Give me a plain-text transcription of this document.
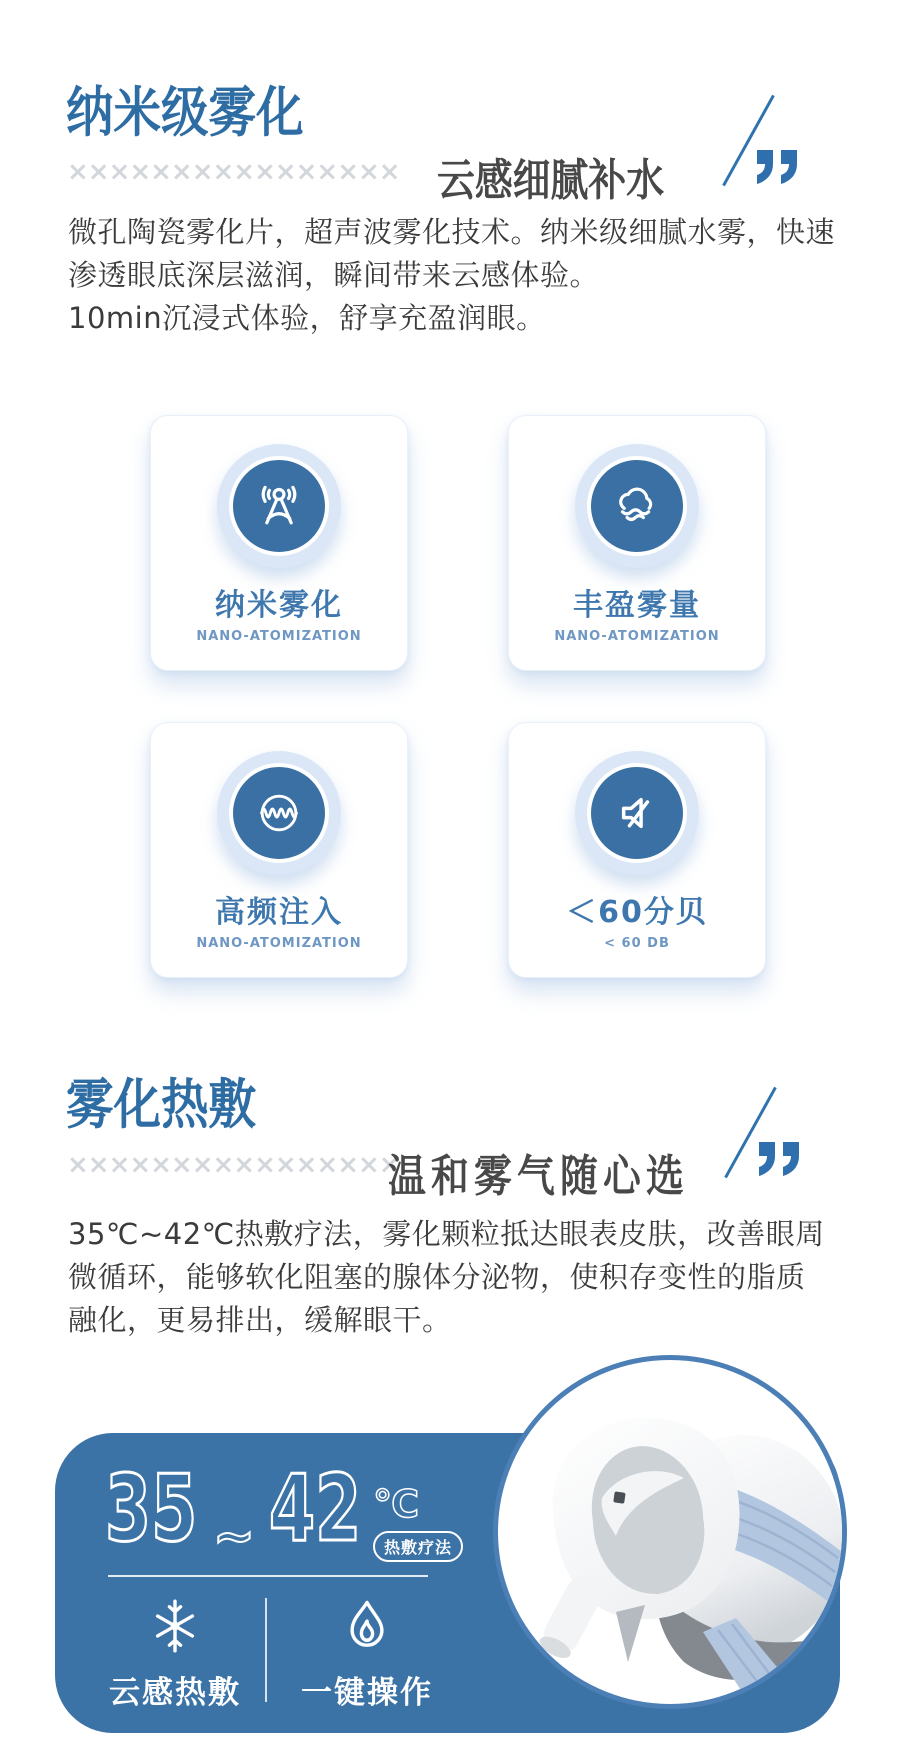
纳米级雾化
×××××××××××××××× 云感细腻补水
微孔陶瓷雾化片，超声波雾化技术。纳米级细腻水雾，快速
渗透眼底深层滋润，瞬间带来云感体验。
10min沉浸式体验，舒享充盈润眼。
纳米雾化
NANO-ATOMIZATION
丰盈雾量
NANO-ATOMIZATION
高频注入
NANO-ATOMIZATION
＜60分贝
< 60 DB
雾化热敷
××××××××××××××××
温和雾气随心选
35℃~42℃热敷疗法，雾化颗粒抵达眼表皮肤，改善眼周
微循环，能够软化阻塞的腺体分泌物，使积存变性的脂质
融化，更易排出，缓解眼干。
35 ~ 42 ℃
热敷疗法
云感热敷 一键操作
